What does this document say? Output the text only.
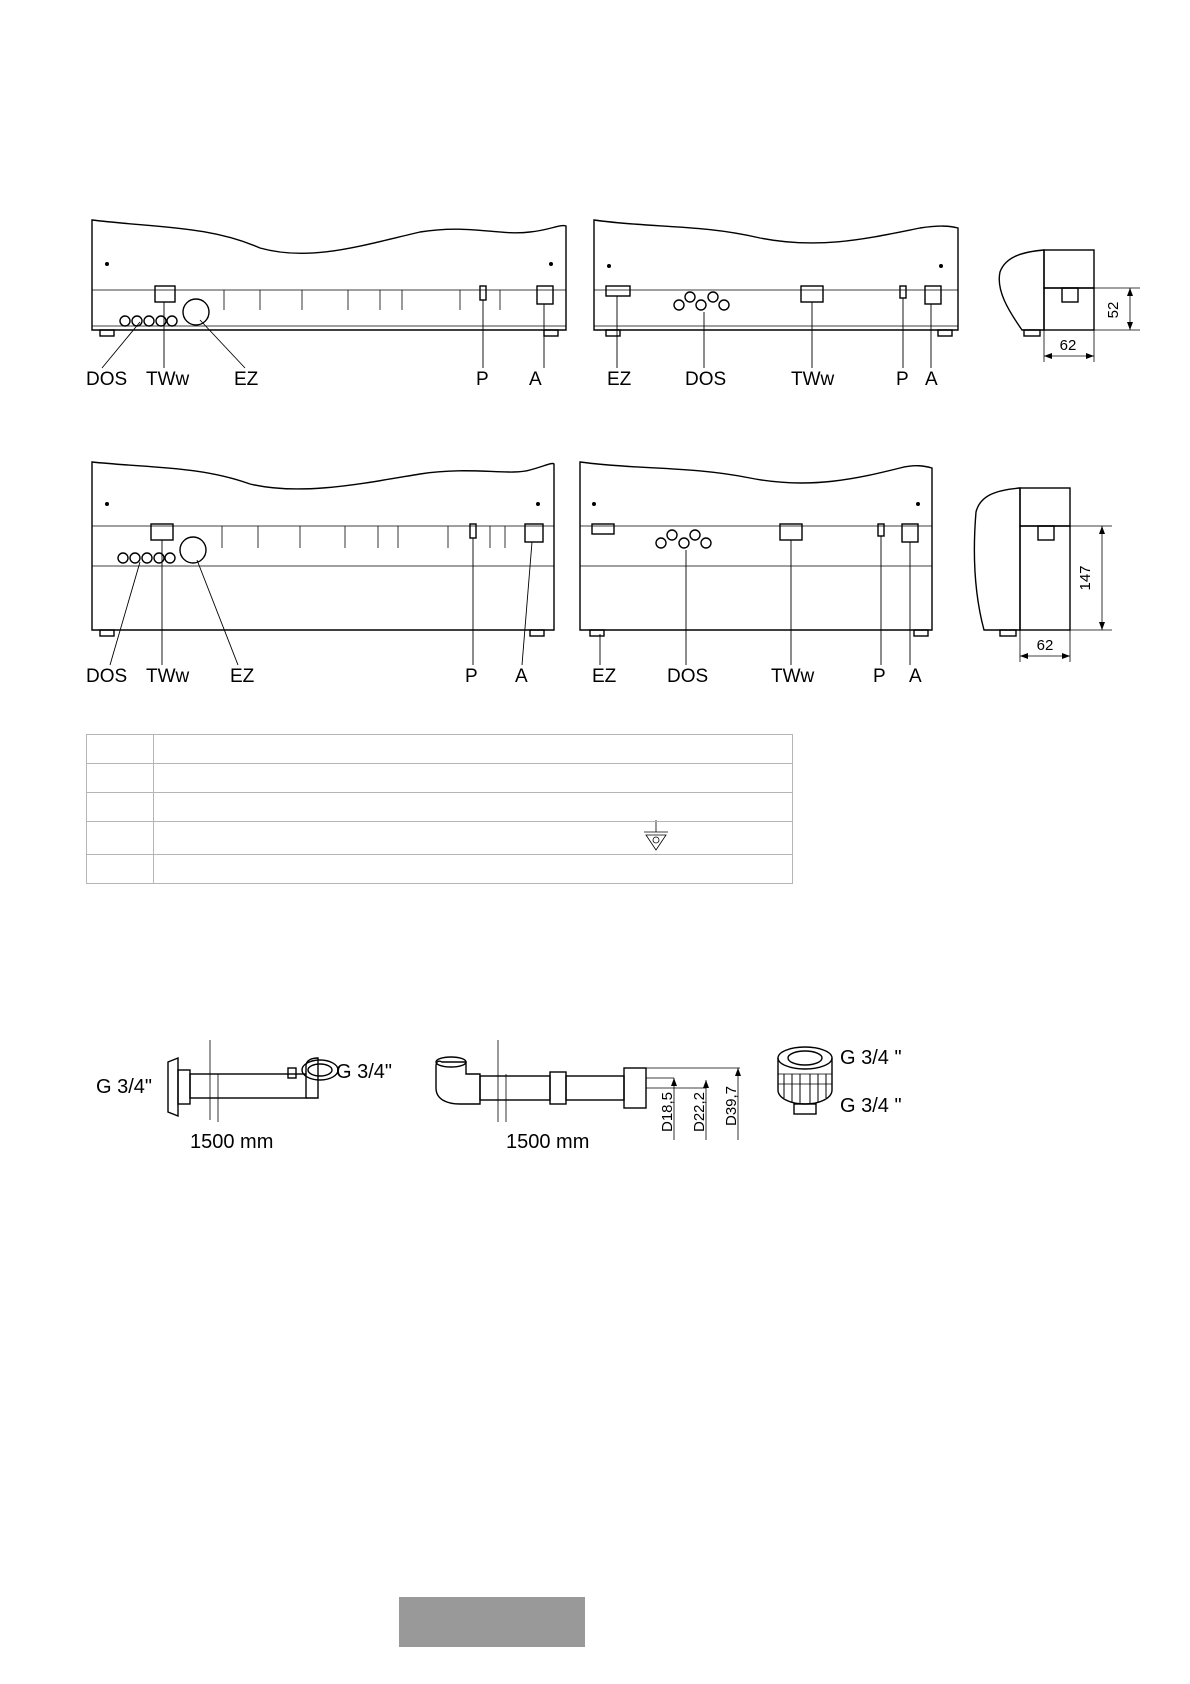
DOS TWw EZ	P A	EZ	DOS	TWw	P A
52
62
DOS TWw EZ	P A	EZ	DOS	TWw	P A
147
62
G 3/4"
G 3/4"
1500 mm
D18,5 D22,2 D39,7
1500 mm
G 3/4 "
G 3/4 "
